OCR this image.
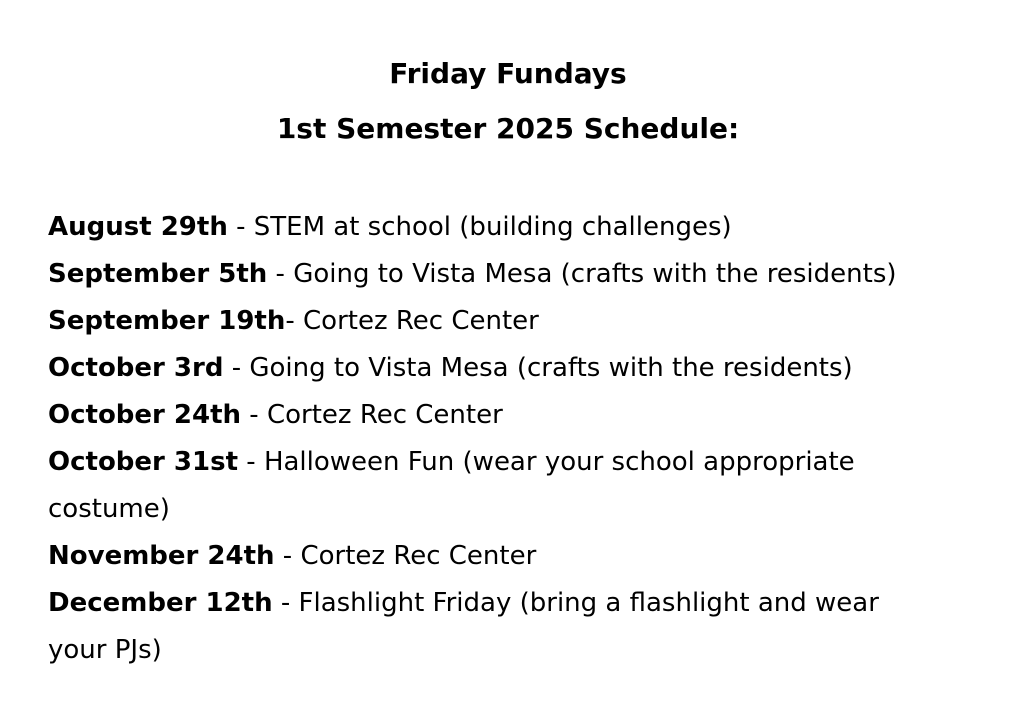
Friday Fundays
1st Semester 2025 Schedule:
August 29th - STEM at school (building challenges)
September 5th - Going to Vista Mesa (crafts with the residents)
September 19th- Cortez Rec Center
October 3rd - Going to Vista Mesa (crafts with the residents)
October 24th - Cortez Rec Center
October 31st - Halloween Fun (wear your school appropriate costume)
November 24th - Cortez Rec Center
December 12th - Flashlight Friday (bring a flashlight and wear your PJs)
